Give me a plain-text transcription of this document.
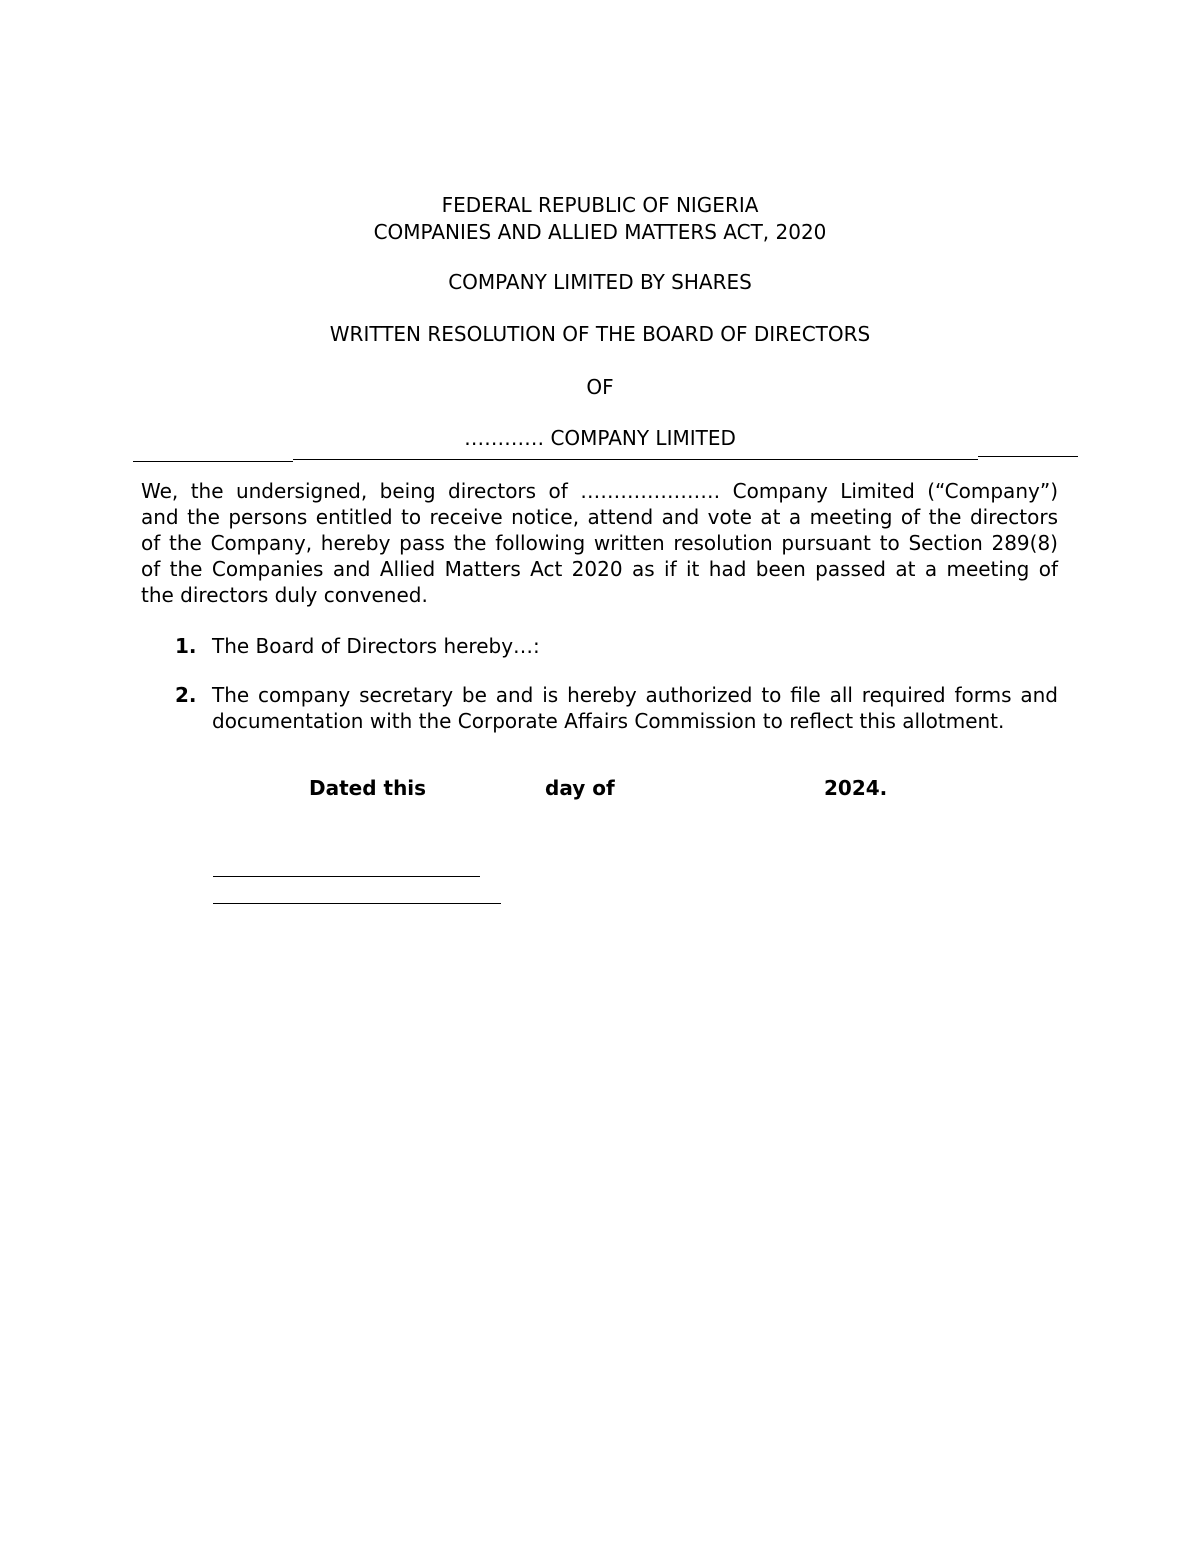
FEDERAL REPUBLIC OF NIGERIA
COMPANIES AND ALLIED MATTERS ACT, 2020
COMPANY LIMITED BY SHARES
WRITTEN RESOLUTION OF THE BOARD OF DIRECTORS
OF
………… COMPANY LIMITED
We, the undersigned, being directors of ………………… Company Limited (“Company”)
and the persons entitled to receive notice, attend and vote at a meeting of the directors
of the Company, hereby pass the following written resolution pursuant to Section 289(8)
of the Companies and Allied Matters Act 2020 as if it had been passed at a meeting of
the directors duly convened.
1. The Board of Directors hereby…:
2. The company secretary be and is hereby authorized to file all required forms and
documentation with the Corporate Affairs Commission to reflect this allotment.
Dated this	day of	2024.
